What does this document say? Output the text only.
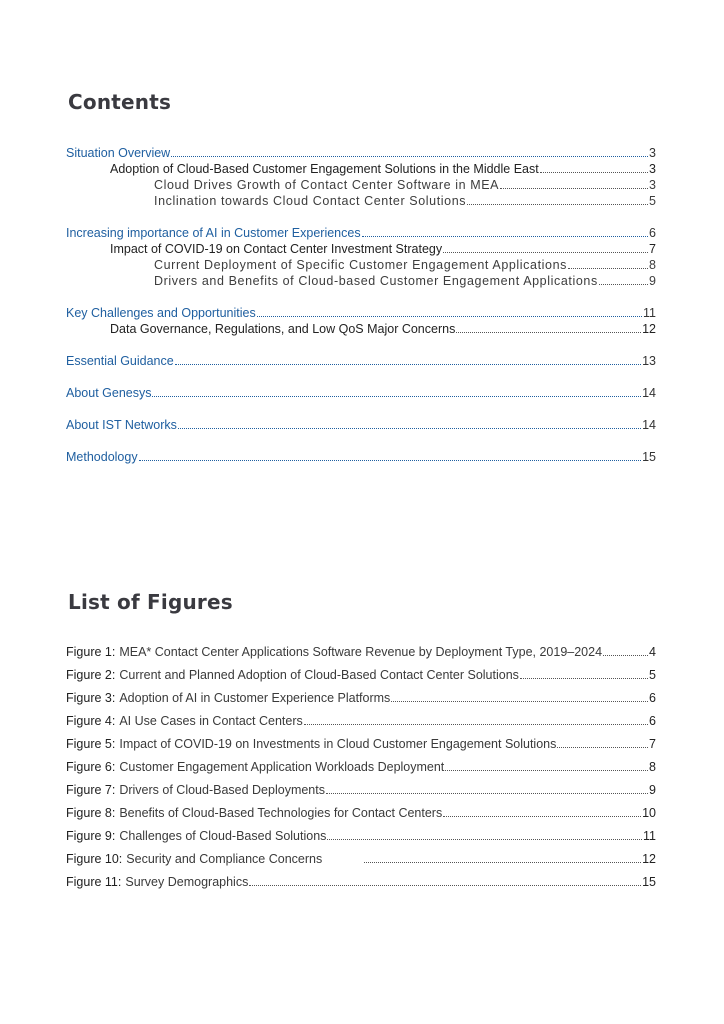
Contents
Situation Overview	3
Adoption of Cloud-Based Customer Engagement Solutions in the Middle East	3
Cloud Drives Growth of Contact Center Software in MEA	3
Inclination towards Cloud Contact Center Solutions	5
Increasing importance of AI in Customer Experiences	6
Impact of COVID-19 on Contact Center Investment Strategy	7
Current Deployment of Specific Customer Engagement Applications	8
Drivers and Benefits of Cloud-based Customer Engagement Applications	9
Key Challenges and Opportunities	11
Data Governance, Regulations, and Low QoS Major Concerns	12
Essential Guidance	13
About Genesys	14
About IST Networks	14
Methodology	15
List of Figures
Figure 1: MEA* Contact Center Applications Software Revenue by Deployment Type, 2019–2024	4
Figure 2: Current and Planned Adoption of Cloud-Based Contact Center Solutions	5
Figure 3: Adoption of AI in Customer Experience Platforms	6
Figure 4: AI Use Cases in Contact Centers	6
Figure 5: Impact of COVID-19 on Investments in Cloud Customer Engagement Solutions	7
Figure 6: Customer Engagement Application Workloads Deployment	8
Figure 7: Drivers of Cloud-Based Deployments	9
Figure 8: Benefits of Cloud-Based Technologies for Contact Centers	10
Figure 9: Challenges of Cloud-Based Solutions	11
Figure 10: Security and Compliance Concerns	12
Figure 11: Survey Demographics	15
